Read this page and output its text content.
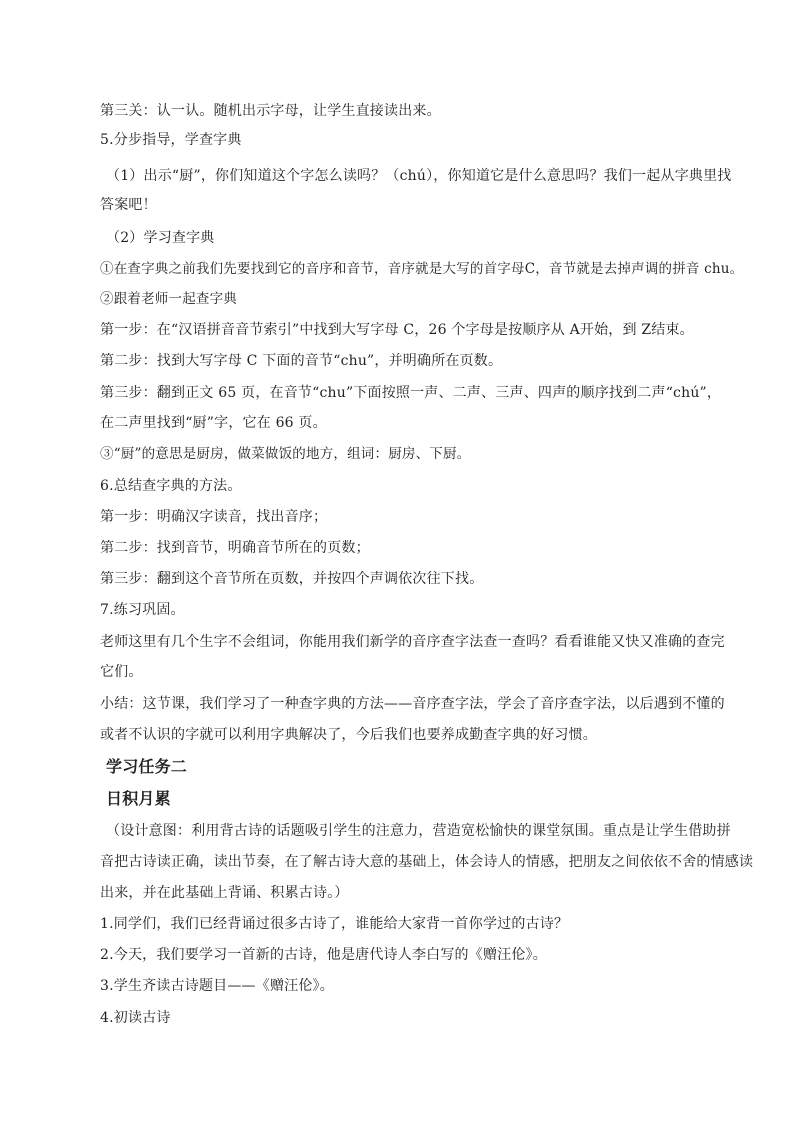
第三关：认一认。随机出示字母，让学生直接读出来。
5.分步指导，学查字典
（1）出示“厨”，你们知道这个字怎么读吗？（chú），你知道它是什么意思吗？我们一起从字典里找
答案吧！
（2）学习查字典
①在查字典之前我们先要找到它的音序和音节，音序就是大写的首字母C，音节就是去掉声调的拼音 chu。
②跟着老师一起查字典
第一步：在“汉语拼音音节索引”中找到大写字母 C，26 个字母是按顺序从 A开始，到 Z结束。
第二步：找到大写字母 C 下面的音节“chu”，并明确所在页数。
第三步：翻到正文 65 页，在音节“chu”下面按照一声、二声、三声、四声的顺序找到二声“chú”，
在二声里找到“厨”字，它在 66 页。
③“厨”的意思是厨房，做菜做饭的地方，组词：厨房、下厨。
6.总结查字典的方法。
第一步：明确汉字读音，找出音序；
第二步：找到音节，明确音节所在的页数；
第三步：翻到这个音节所在页数，并按四个声调依次往下找。
7.练习巩固。
老师这里有几个生字不会组词，你能用我们新学的音序查字法查一查吗？看看谁能又快又准确的查完
它们。
小结：这节课，我们学习了一种查字典的方法——音序查字法，学会了音序查字法，以后遇到不懂的
或者不认识的字就可以利用字典解决了，今后我们也要养成勤查字典的好习惯。
学习任务二
日积月累
（设计意图：利用背古诗的话题吸引学生的注意力，营造宽松愉快的课堂氛围。重点是让学生借助拼
音把古诗读正确，读出节奏，在了解古诗大意的基础上，体会诗人的情感，把朋友之间依依不舍的情感读
出来，并在此基础上背诵、积累古诗。）
1.同学们，我们已经背诵过很多古诗了，谁能给大家背一首你学过的古诗？
2.今天，我们要学习一首新的古诗，他是唐代诗人李白写的《赠汪伦》。
3.学生齐读古诗题目——《赠汪伦》。
4.初读古诗
